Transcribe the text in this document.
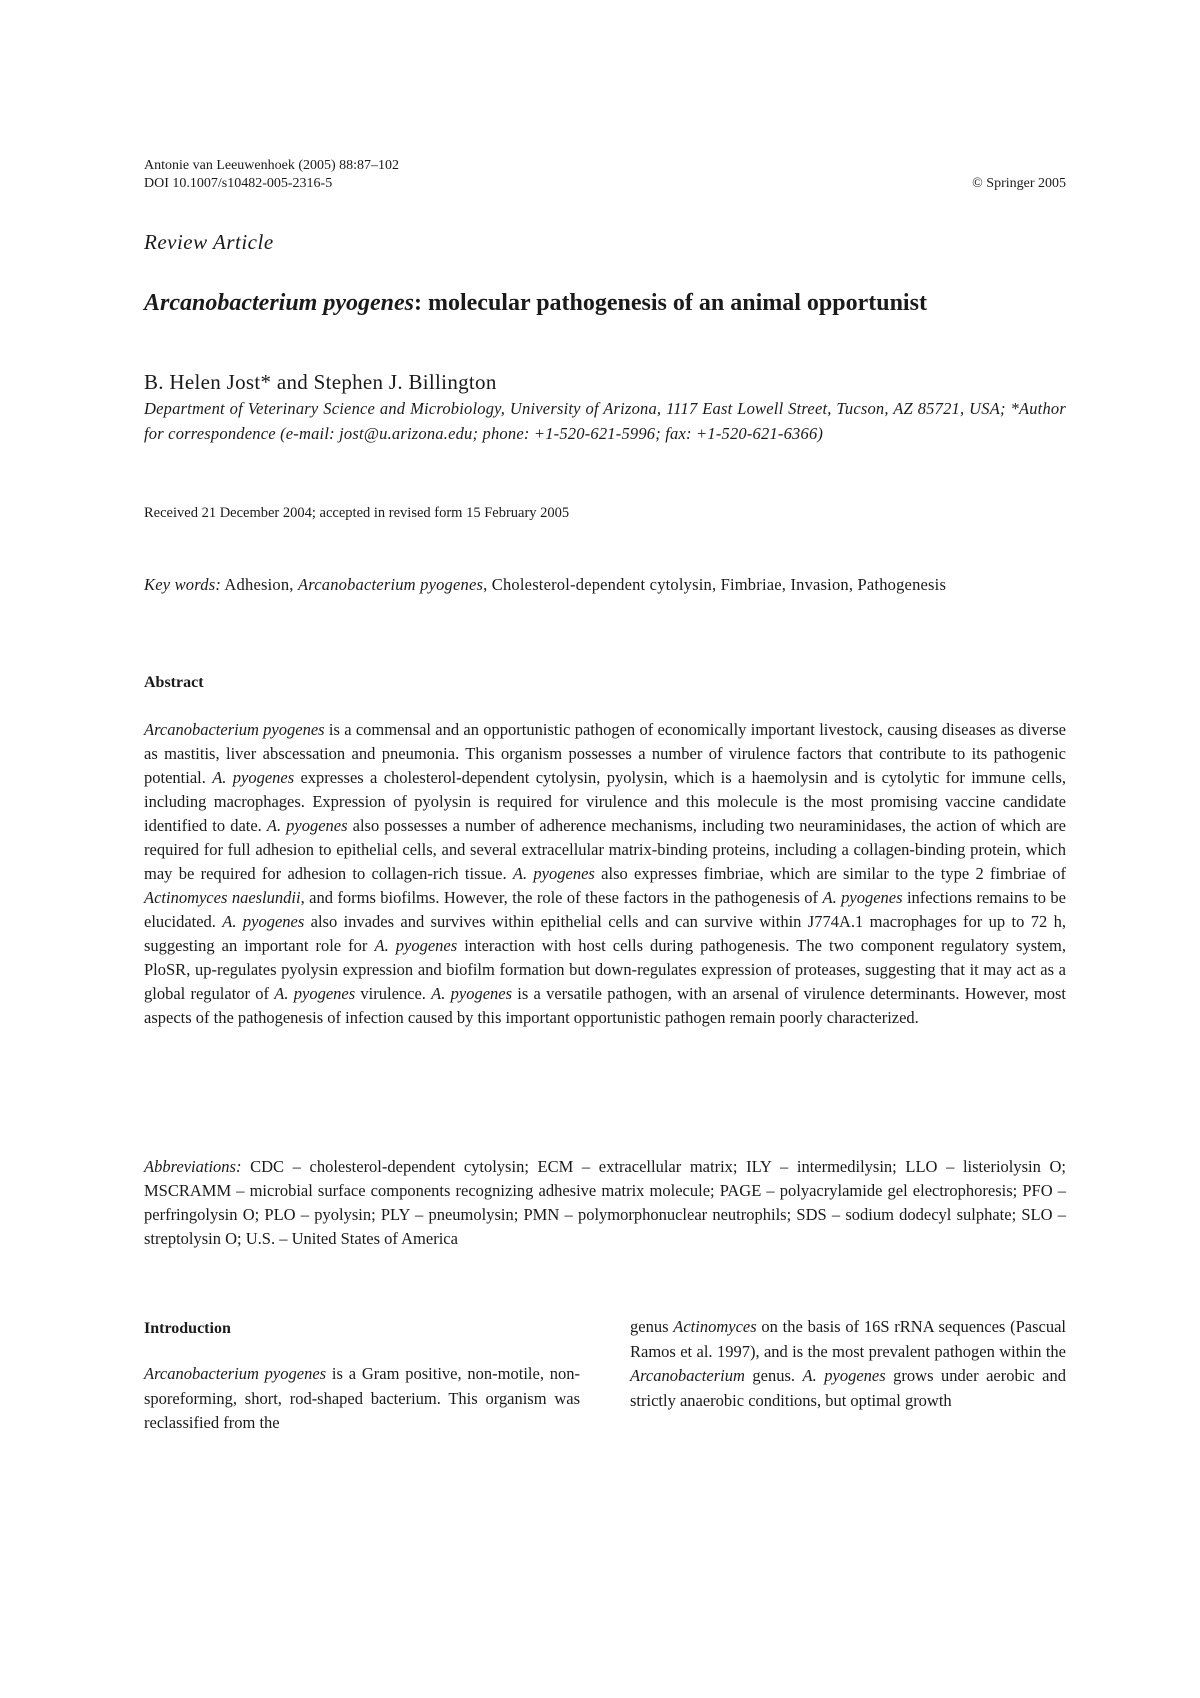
Antonie van Leeuwenhoek (2005) 88:87–102
DOI 10.1007/s10482-005-2316-5	© Springer 2005
Review Article
Arcanobacterium pyogenes: molecular pathogenesis of an animal opportunist
B. Helen Jost* and Stephen J. Billington
Department of Veterinary Science and Microbiology, University of Arizona, 1117 East Lowell Street, Tucson, AZ 85721, USA; *Author for correspondence (e-mail: jost@u.arizona.edu; phone: +1-520-621-5996; fax: +1-520-621-6366)
Received 21 December 2004; accepted in revised form 15 February 2005
Key words: Adhesion, Arcanobacterium pyogenes, Cholesterol-dependent cytolysin, Fimbriae, Invasion, Pathogenesis
Abstract
Arcanobacterium pyogenes is a commensal and an opportunistic pathogen of economically important livestock, causing diseases as diverse as mastitis, liver abscessation and pneumonia. This organism possesses a number of virulence factors that contribute to its pathogenic potential. A. pyogenes expresses a cholesterol-dependent cytolysin, pyolysin, which is a haemolysin and is cytolytic for immune cells, including macrophages. Expression of pyolysin is required for virulence and this molecule is the most promising vaccine candidate identified to date. A. pyogenes also possesses a number of adherence mechanisms, including two neuraminidases, the action of which are required for full adhesion to epithelial cells, and several extracellular matrix-binding proteins, including a collagen-binding protein, which may be required for adhesion to collagen-rich tissue. A. pyogenes also expresses fimbriae, which are similar to the type 2 fimbriae of Actinomyces naeslundii, and forms biofilms. However, the role of these factors in the pathogenesis of A. pyogenes infections remains to be elucidated. A. pyogenes also invades and survives within epithelial cells and can survive within J774A.1 macrophages for up to 72 h, suggesting an important role for A. pyogenes interaction with host cells during pathogenesis. The two component regulatory system, PloSR, up-regulates pyolysin expression and biofilm formation but down-regulates expression of proteases, suggesting that it may act as a global regulator of A. pyogenes virulence. A. pyogenes is a versatile pathogen, with an arsenal of virulence determinants. However, most aspects of the pathogenesis of infection caused by this important opportunistic pathogen remain poorly characterized.
Abbreviations: CDC – cholesterol-dependent cytolysin; ECM – extracellular matrix; ILY – intermedilysin; LLO – listeriolysin O; MSCRAMM – microbial surface components recognizing adhesive matrix molecule; PAGE – polyacrylamide gel electrophoresis; PFO – perfringolysin O; PLO – pyolysin; PLY – pneumolysin; PMN – polymorphonuclear neutrophils; SDS – sodium dodecyl sulphate; SLO – streptolysin O; U.S. – United States of America
Introduction
Arcanobacterium pyogenes is a Gram positive, non-motile, non-sporeforming, short, rod-shaped bacterium. This organism was reclassified from the
genus Actinomyces on the basis of 16S rRNA sequences (Pascual Ramos et al. 1997), and is the most prevalent pathogen within the Arcanobacterium genus. A. pyogenes grows under aerobic and strictly anaerobic conditions, but optimal growth
